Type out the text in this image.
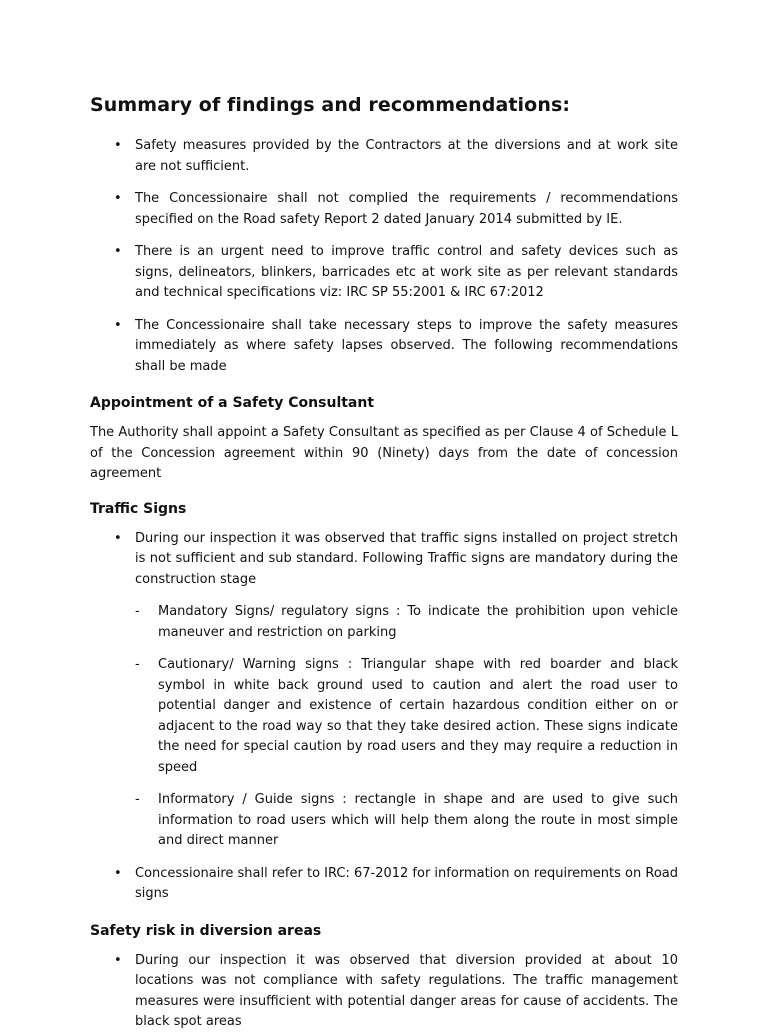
Summary of findings and recommendations:
• Safety measures provided by the Contractors at the diversions and at work site are not sufficient.
• The Concessionaire shall not complied the requirements / recommendations specified on the Road safety Report 2 dated January 2014 submitted by IE.
• There is an urgent need to improve traffic control and safety devices such as signs, delineators, blinkers, barricades etc at work site as per relevant standards and technical specifications viz: IRC SP 55:2001 & IRC 67:2012
• The Concessionaire shall take necessary steps to improve the safety measures immediately as where safety lapses observed. The following recommendations shall be made
Appointment of a Safety Consultant

The Authority shall appoint a Safety Consultant as specified as per Clause 4 of Schedule L of the Concession agreement within 90 (Ninety) days from the date of concession agreement

Traffic Signs
• During our inspection it was observed that traffic signs installed on project stretch is not sufficient and sub standard. Following Traffic signs are mandatory during the construction stage
- Mandatory Signs/ regulatory signs : To indicate the prohibition upon vehicle maneuver and restriction on parking
- Cautionary/ Warning signs : Triangular shape with red boarder and black symbol in white back ground used to caution and alert the road user to potential danger and existence of certain hazardous condition either on or adjacent to the road way so that they take desired action. These signs indicate the need for special caution by road users and they may require a reduction in speed
- Informatory / Guide signs : rectangle in shape and are used to give such information to road users which will help them along the route in most simple and direct manner
• Concessionaire shall refer to IRC: 67-2012 for information on requirements on Road signs
Safety risk in diversion areas
• During our inspection it was observed that diversion provided at about 10 locations was not compliance with safety regulations. The traffic management measures were insufficient with potential danger areas for cause of accidents. The black spot areas
